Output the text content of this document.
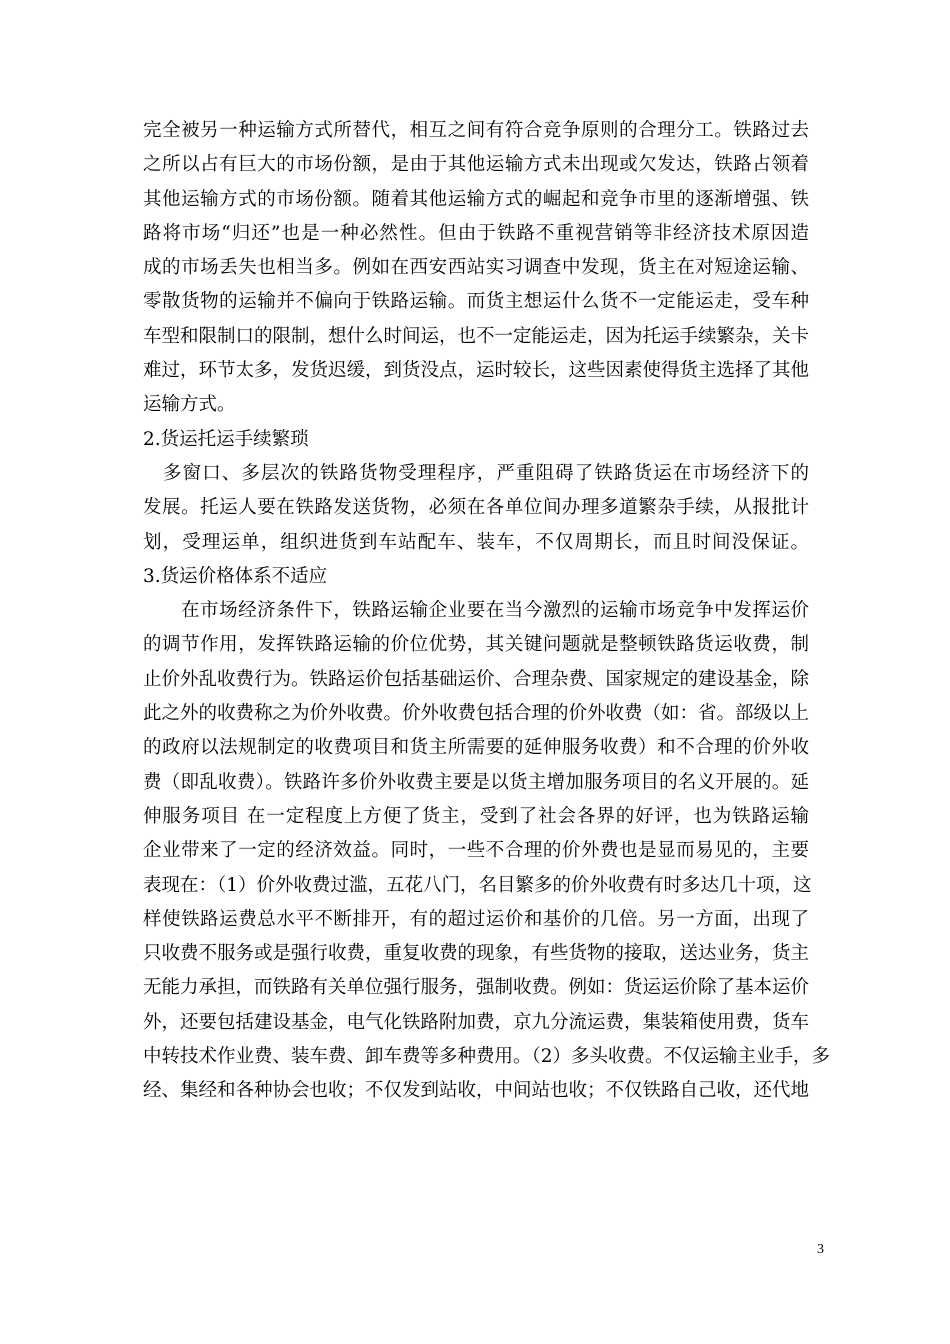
完全被另一种运输方式所替代，相互之间有符合竞争原则的合理分工。铁路过去
之所以占有巨大的市场份额，是由于其他运输方式未出现或欠发达，铁路占领着
其他运输方式的市场份额。随着其他运输方式的崛起和竞争市里的逐渐增强、铁
路将市场“归还”也是一种必然性。但由于铁路不重视营销等非经济技术原因造
成的市场丢失也相当多。例如在西安西站实习调查中发现，货主在对短途运输、
零散货物的运输并不偏向于铁路运输。而货主想运什么货不一定能运走，受车种
车型和限制口的限制，想什么时间运，也不一定能运走，因为托运手续繁杂，关卡
难过，环节太多，发货迟缓，到货没点，运时较长，这些因素使得货主选择了其他
运输方式。
2.货运托运手续繁琐
多窗口、多层次的铁路货物受理程序，严重阻碍了铁路货运在市场经济下的
发展。托运人要在铁路发送货物，必须在各单位间办理多道繁杂手续，从报批计
划，受理运单，组织进货到车站配车、装车，不仅周期长，而且时间没保证。
3.货运价格体系不适应
在市场经济条件下，铁路运输企业要在当今激烈的运输市场竞争中发挥运价
的调节作用，发挥铁路运输的价位优势，其关键问题就是整顿铁路货运收费，制
止价外乱收费行为。铁路运价包括基础运价、合理杂费、国家规定的建设基金，除
此之外的收费称之为价外收费。价外收费包括合理的价外收费（如：省。部级以上
的政府以法规制定的收费项目和货主所需要的延伸服务收费）和不合理的价外收
费（即乱收费）。铁路许多价外收费主要是以货主增加服务项目的名义开展的。延
伸服务项目 在一定程度上方便了货主，受到了社会各界的好评，也为铁路运输
企业带来了一定的经济效益。同时，一些不合理的价外费也是显而易见的，主要
表现在：（1）价外收费过滥，五花八门，名目繁多的价外收费有时多达几十项，这
样使铁路运费总水平不断排开，有的超过运价和基价的几倍。另一方面，出现了
只收费不服务或是强行收费，重复收费的现象，有些货物的接取，送达业务，货主
无能力承担，而铁路有关单位强行服务，强制收费。例如：货运运价除了基本运价
外，还要包括建设基金，电气化铁路附加费，京九分流运费，集装箱使用费，货车
中转技术作业费、装车费、卸车费等多种费用。（2）多头收费。不仅运输主业手，多
经、集经和各种协会也收；不仅发到站收，中间站也收；不仅铁路自己收，还代地
3
